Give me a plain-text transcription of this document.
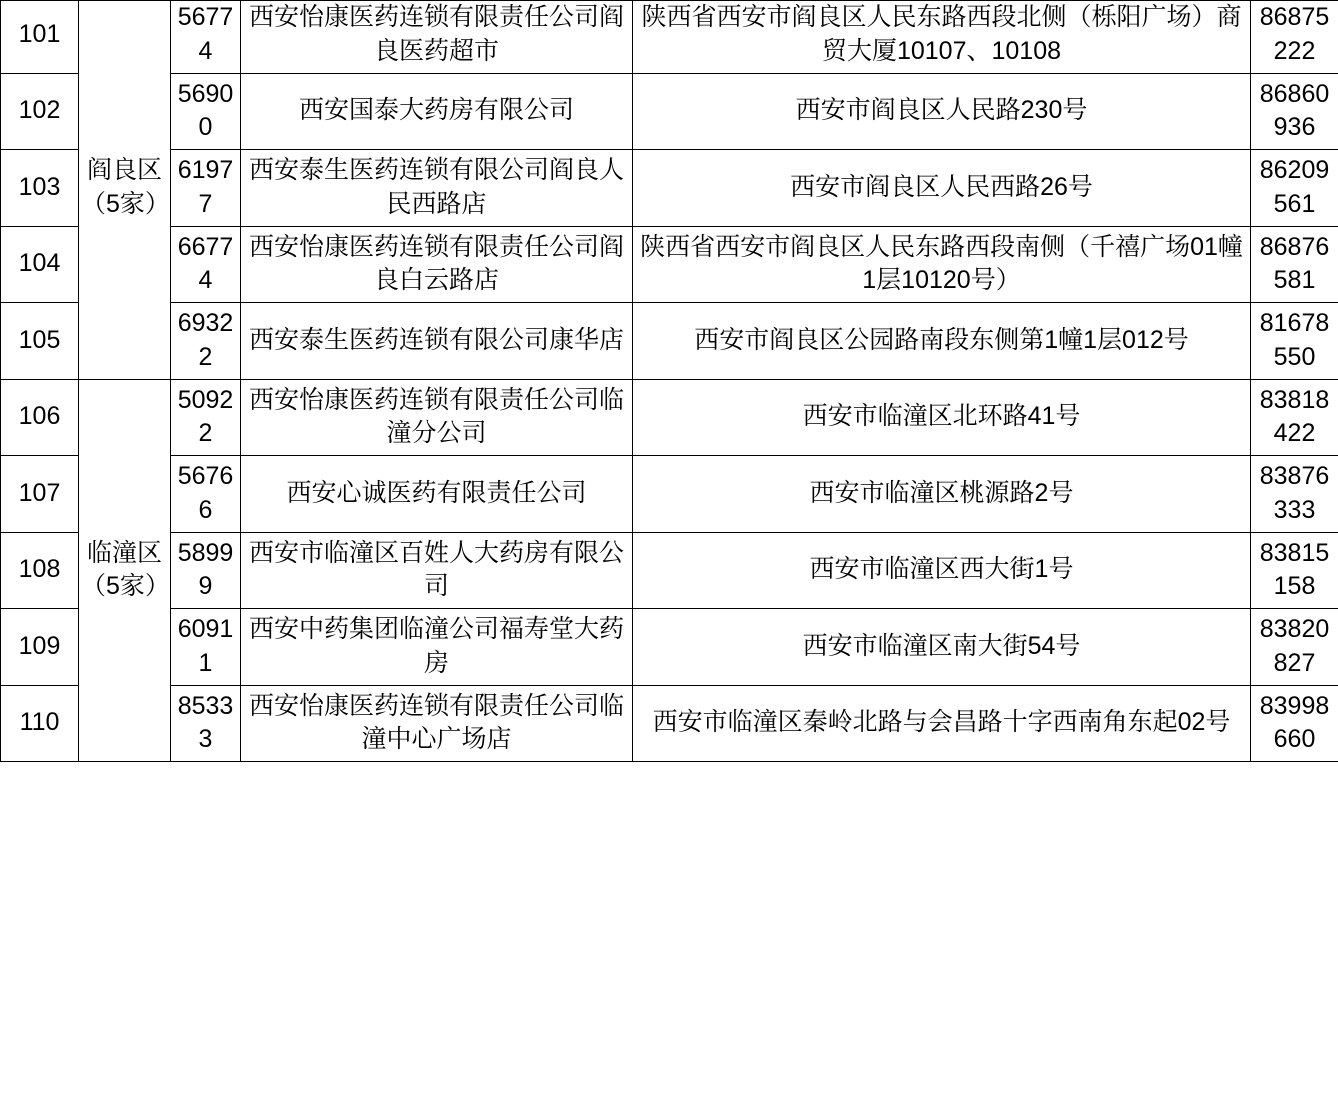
101	阎良区（5家）	56774	西安怡康医药连锁有限责任公司阎良医药超市	陕西省西安市阎良区人民东路西段北侧（栎阳广场）商贸大厦10107、10108	86875222
102		56900	西安国泰大药房有限公司	西安市阎良区人民路230号	86860936
103		61977	西安泰生医药连锁有限公司阎良人民西路店	西安市阎良区人民西路26号	86209561
104		66774	西安怡康医药连锁有限责任公司阎良白云路店	陕西省西安市阎良区人民东路西段南侧（千禧广场01幢1层10120号）	86876581
105		69322	西安泰生医药连锁有限公司康华店	西安市阎良区公园路南段东侧第1幢1层012号	81678550
106	临潼区（5家）	50922	西安怡康医药连锁有限责任公司临潼分公司	西安市临潼区北环路41号	83818422
107		56766	西安心诚医药有限责任公司	西安市临潼区桃源路2号	83876333
108		58999	西安市临潼区百姓人大药房有限公司	西安市临潼区西大街1号	83815158
109		60911	西安中药集团临潼公司福寿堂大药房	西安市临潼区南大街54号	83820827
110		85333	西安怡康医药连锁有限责任公司临潼中心广场店	西安市临潼区秦岭北路与会昌路十字西南角东起02号	83998660
